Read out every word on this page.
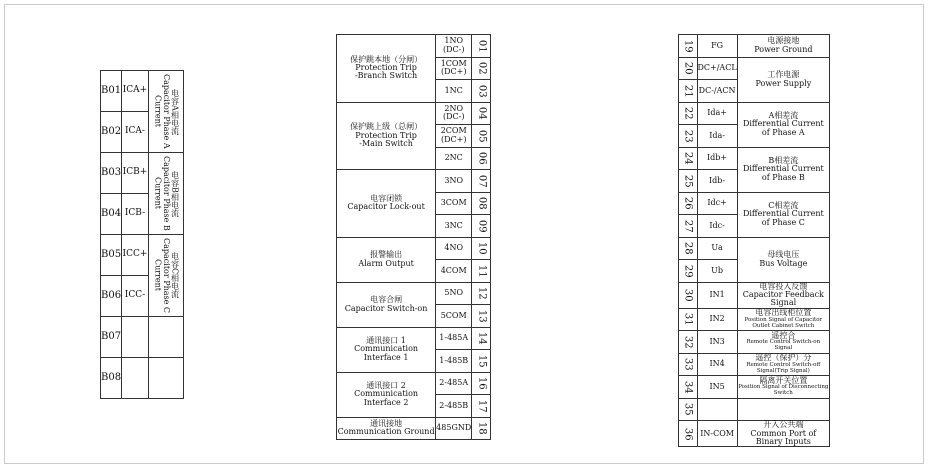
B01	ICA+	电容A相电流
Capacitor Phase A
Current

B02	ICA-	
B03	ICB+	电容B相电流
Capacitor Phase B
Current

B04	ICB-	
B05	ICC+	电容C相电流
Capacitor Phase C
Current

B06	ICC-	
B07		
B08		
保护跳本地（分闸）
Protection Trip
-Branch Switch	1NO
(DC-)	01
	1COM
(DC+)	02
	1NC	03

保护跳上级（总闸）
Protection Trip
-Main Switch	2NO
(DC-)	04
	2COM
(DC+)	05
	2NC	06

电容闭锁
Capacitor Lock-out	3NO	07
	3COM	08
	3NC	09

报警输出
Alarm Output	4NO	10
	4COM	11

电容合闸
Capacitor Switch-on	5NO	12
	5COM	13

通讯接口 1
Communication
Interface 1	1-485A	14
	1-485B	15

通讯接口 2
Communication
Interface 2	2-485A	16
	2-485B	17

通讯接地
Communication Ground	485GND	18
19	FG	电源接地
Power Ground

20	DC+/ACL	工作电源
Power Supply

21	DC-/ACN	
22	Ida+	A相差流
Differential Current
of Phase A

23	Ida-	
24	Idb+	B相差流
Differential Current
of Phase B

25	Idb-	
26	Idc+	C相差流
Differential Current
of Phase C

27	Idc-	
28	Ua	母线电压
Bus Voltage

29	Ub	
30	IN1	电容投入反馈
Capacitor Feedback Signal

31	IN2	电容出线柜位置
Position Signal of Capacitor Outlet Cabinet Switch

32	IN3	遥控合
Remote Control Switch-on Signal

33	IN4	遥控（保护）分
Remote Control Switch-off Signal(Trip Signal)

34	IN5	隔离开关位置
Position Signal of Disconnecting Switch

35		
36	IN-COM	开入公共端
Common Port of Binary Inputs
